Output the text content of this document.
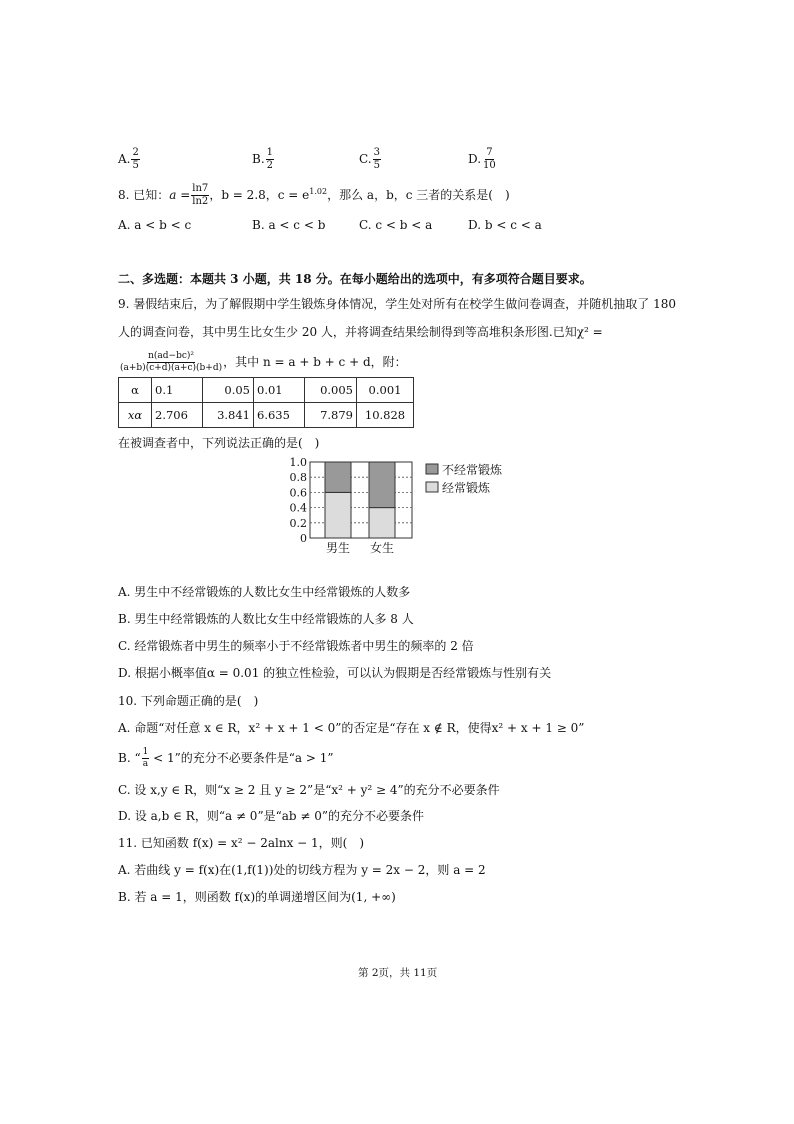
A. $\frac{2}{5}$	B. $\frac{1}{2}$	C. $\frac{3}{5}$	D. $\frac{7}{10}$
8. 已知：$a = \frac{\ln 7}{\ln 2}$ ，b = 2.8，$c = e^{1.02}$，那么 a，b，c 三者的关系是(　)
A. a < b < c	B. a < c < b	C. c < b < a	D. b < c < a
二、多选题：本题共 3 小题，共 18 分。在每小题给出的选项中，有多项符合题目要求。
9. 暑假结束后，为了解假期中学生锻炼身体情况，学生处对所有在校学生做问卷调查，并随机抽取了 180
人的调查问卷，其中男生比女生少 20 人，并将调查结果绘制得到等高堆积条形图.已知χ² =
$\frac{\text{n(ad−bc)²}}{(a+b)(c+d)(a+c)(b+d)}$ ，其中 n = a + b + c + d，附：
α	0.1	0.05	0.01	0.005	0.001
xα	2.706	3.841	6.635	7.879	10.828
在被调查者中，下列说法正确的是(　)
1.0
0.8
0.6
0.4
0.2
0
男生 女生
不经常锻炼
经常锻炼
A. 男生中不经常锻炼的人数比女生中经常锻炼的人数多
B. 男生中经常锻炼的人数比女生中经常锻炼的人多 8 人
C. 经常锻炼者中男生的频率小于不经常锻炼者中男生的频率的 2 倍
D. 根据小概率值α = 0.01 的独立性检验，可以认为假期是否经常锻炼与性别有关
10. 下列命题正确的是(　)
A. 命题“对任意 x ∈ R，x² + x + 1 < 0”的否定是“存在 x ∉ R，使得x² + x + 1 ≥ 0”
B. “ $\frac{1}{a} < 1$”的充分不必要条件是“a > 1”
C. 设 x,y ∈ R，则“x ≥ 2 且 y ≥ 2”是“x² + y² ≥ 4”的充分不必要条件
D. 设 a,b ∈ R，则“a ≠ 0”是“ab ≠ 0”的充分不必要条件
11. 已知函数 f(x) = x² − 2alnx − 1，则(　)
A. 若曲线 y = f(x)在(1,f(1))处的切线方程为 y = 2x − 2，则 a = 2
B. 若 a = 1，则函数 f(x)的单调递增区间为(1, +∞)
第 2页，共 11页
